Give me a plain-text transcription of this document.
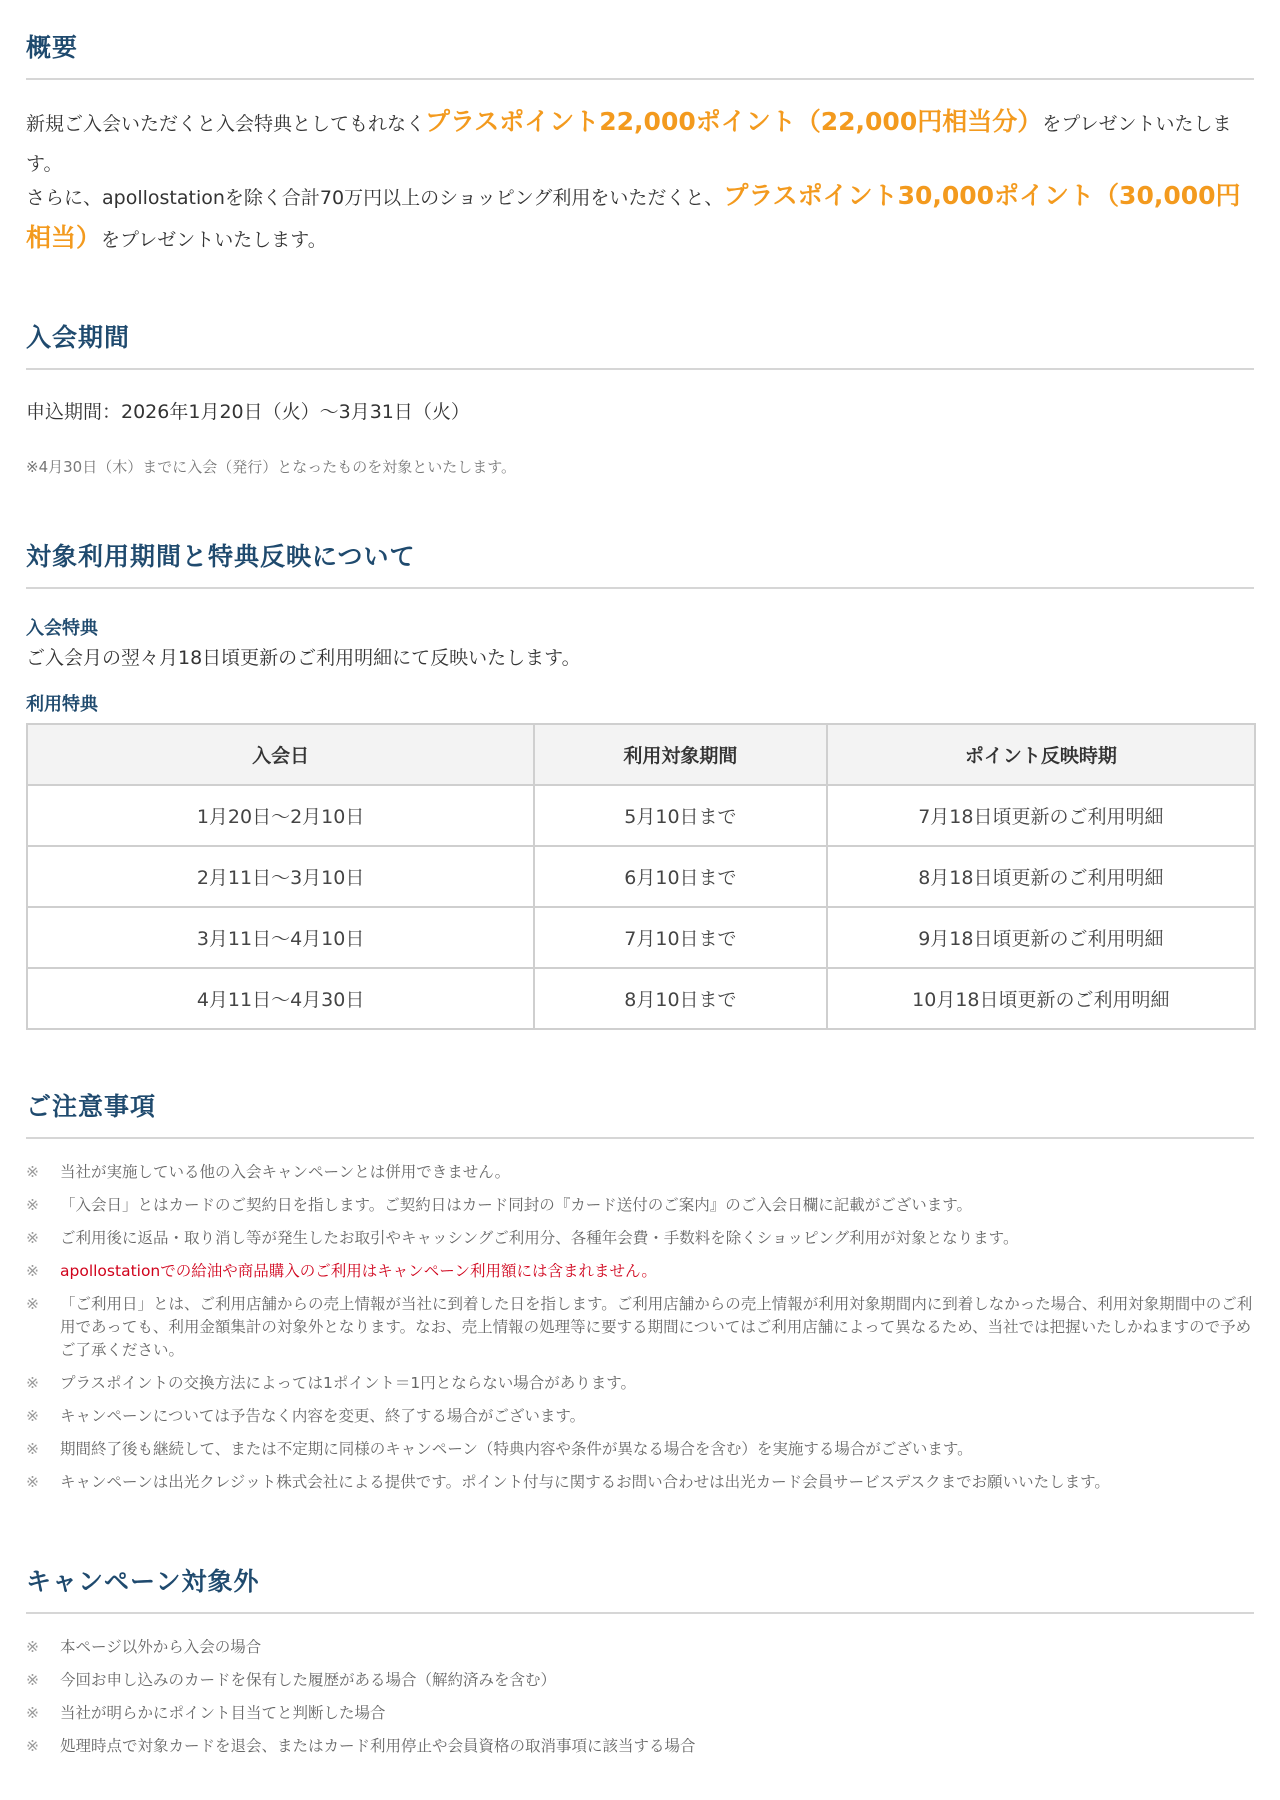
概要

新規ご入会いただくと入会特典としてもれなくプラスポイント22,000ポイント（22,000円相当分）をプレゼントいたします。

さらに、apollostationを除く合計70万円以上のショッピング利用をいただくと、プラスポイント30,000ポイント（30,000円相当）をプレゼントいたします。

入会期間
申込期間：2026年1月20日（火）～3月31日（火）
※4月30日（木）までに入会（発行）となったものを対象といたします。
対象利用期間と特典反映について
入会特典
ご入会月の翌々月18日頃更新のご利用明細にて反映いたします。
利用特典
入会日	利用対象期間	ポイント反映時期
1月20日～2月10日	5月10日まで	7月18日頃更新のご利用明細
2月11日～3月10日	6月10日まで	8月18日頃更新のご利用明細
3月11日～4月10日	7月10日まで	9月18日頃更新のご利用明細
4月11日～4月30日	8月10日まで	10月18日頃更新のご利用明細
ご注意事項
※	当社が実施している他の入会キャンペーンとは併用できません。
※	「入会日」とはカードのご契約日を指します。ご契約日はカード同封の『カード送付のご案内』のご入会日欄に記載がございます。
※	ご利用後に返品・取り消し等が発生したお取引やキャッシングご利用分、各種年会費・手数料を除くショッピング利用が対象となります。
※	apollostationでの給油や商品購入のご利用はキャンペーン利用額には含まれません。
※	「ご利用日」とは、ご利用店舗からの売上情報が当社に到着した日を指します。ご利用店舗からの売上情報が利用対象期間内に到着しなかった場合、利用対象期間中のご利用であっても、利用金額集計の対象外となります。なお、売上情報の処理等に要する期間についてはご利用店舗によって異なるため、当社では把握いたしかねますので予めご了承ください。
※	プラスポイントの交換方法によっては1ポイント＝1円とならない場合があります。
※	キャンペーンについては予告なく内容を変更、終了する場合がございます。
※	期間終了後も継続して、または不定期に同様のキャンペーン（特典内容や条件が異なる場合を含む）を実施する場合がございます。
※	キャンペーンは出光クレジット株式会社による提供です。ポイント付与に関するお問い合わせは出光カード会員サービスデスクまでお願いいたします。
キャンペーン対象外
※	本ページ以外から入会の場合
※	今回お申し込みのカードを保有した履歴がある場合（解約済みを含む）
※	当社が明らかにポイント目当てと判断した場合
※	処理時点で対象カードを退会、またはカード利用停止や会員資格の取消事項に該当する場合
